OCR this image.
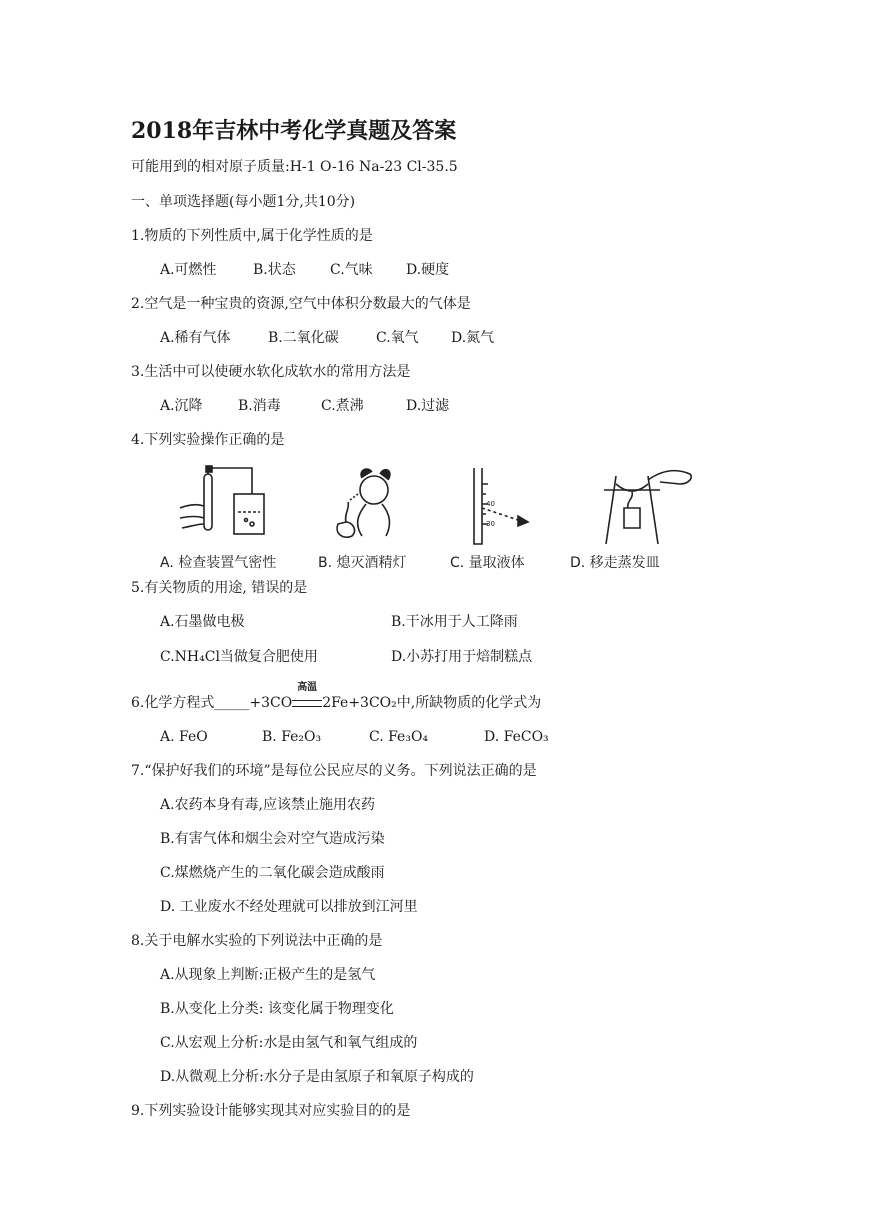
2018年吉林中考化学真题及答案
可能用到的相对原子质量:H-1 O-16 Na-23 Cl-35.5
一、单项选择题(每小题1分,共10分)
1.物质的下列性质中,属于化学性质的是
A.可燃性	B.状态 C.气味 D.硬度
2.空气是一种宝贵的资源,空气中体积分数最大的气体是
A.稀有气体	B.二氧化碳	C.氧气 D.氮气
3.生活中可以使硬水软化成软水的常用方法是
A.沉降	B.消毒	C.煮沸	D.过滤
4.下列实验操作正确的是
40
30
A. 检查装置气密性	B. 熄灭酒精灯	C. 量取液体	D. 移走蒸发皿
5.有关物质的用途, 错误的是
A.石墨做电极	B.干冰用于人工降雨
C.NH₄Cl当做复合肥使用	D.小苏打用于焙制糕点
6.化学方程式_____+3CO
高温
2Fe+3CO₂中,所缺物质的化学式为
A. FeO	B. Fe₂O₃	C. Fe₃O₄	D. FeCO₃
7.“保护好我们的环境”是每位公民应尽的义务。下列说法正确的是
A.农药本身有毒,应该禁止施用农药
B.有害气体和烟尘会对空气造成污染
C.煤燃烧产生的二氧化碳会造成酸雨
D. 工业废水不经处理就可以排放到江河里
8.关于电解水实验的下列说法中正确的是
A.从现象上判断:正极产生的是氢气
B.从变化上分类: 该变化属于物理变化
C.从宏观上分析:水是由氢气和氧气组成的
D.从微观上分析:水分子是由氢原子和氧原子构成的
9.下列实验设计能够实现其对应实验目的的是
